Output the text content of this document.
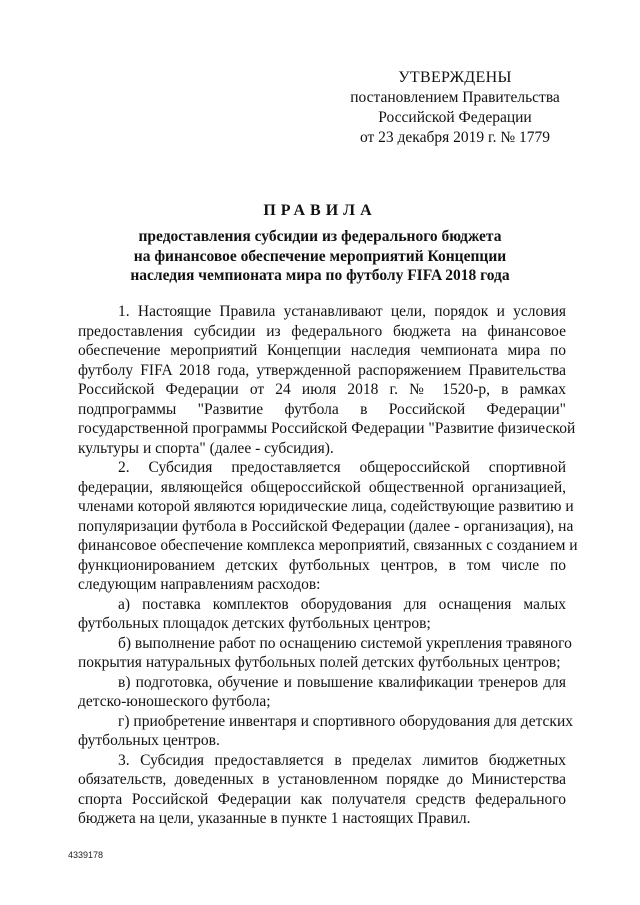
УТВЕРЖДЕНЫ
постановлением Правительства
Российской Федерации
от 23 декабря 2019 г. № 1779
ПРАВИЛА
предоставления субсидии из федерального бюджета
на финансовое обеспечение мероприятий Концепции
наследия чемпионата мира по футболу FIFA 2018 года
1. Настоящие Правила устанавливают цели, порядок и условия
предоставления субсидии из федерального бюджета на финансовое
обеспечение мероприятий Концепции наследия чемпионата мира по
футболу FIFA 2018 года, утвержденной распоряжением Правительства
Российской Федерации от 24 июля 2018 г. № 1520-р, в рамках
подпрограммы "Развитие футбола в Российской Федерации"
государственной программы Российской Федерации "Развитие физической
культуры и спорта" (далее - субсидия).
2. Субсидия предоставляется общероссийской спортивной
федерации, являющейся общероссийской общественной организацией,
членами которой являются юридические лица, содействующие развитию и
популяризации футбола в Российской Федерации (далее - организация), на
финансовое обеспечение комплекса мероприятий, связанных с созданием и
функционированием детских футбольных центров, в том числе по
следующим направлениям расходов:
а) поставка комплектов оборудования для оснащения малых
футбольных площадок детских футбольных центров;
б) выполнение работ по оснащению системой укрепления травяного
покрытия натуральных футбольных полей детских футбольных центров;
в) подготовка, обучение и повышение квалификации тренеров для
детско-юношеского футбола;
г) приобретение инвентаря и спортивного оборудования для детских
футбольных центров.
3. Субсидия предоставляется в пределах лимитов бюджетных
обязательств, доведенных в установленном порядке до Министерства
спорта Российской Федерации как получателя средств федерального
бюджета на цели, указанные в пункте 1 настоящих Правил.
4339178
